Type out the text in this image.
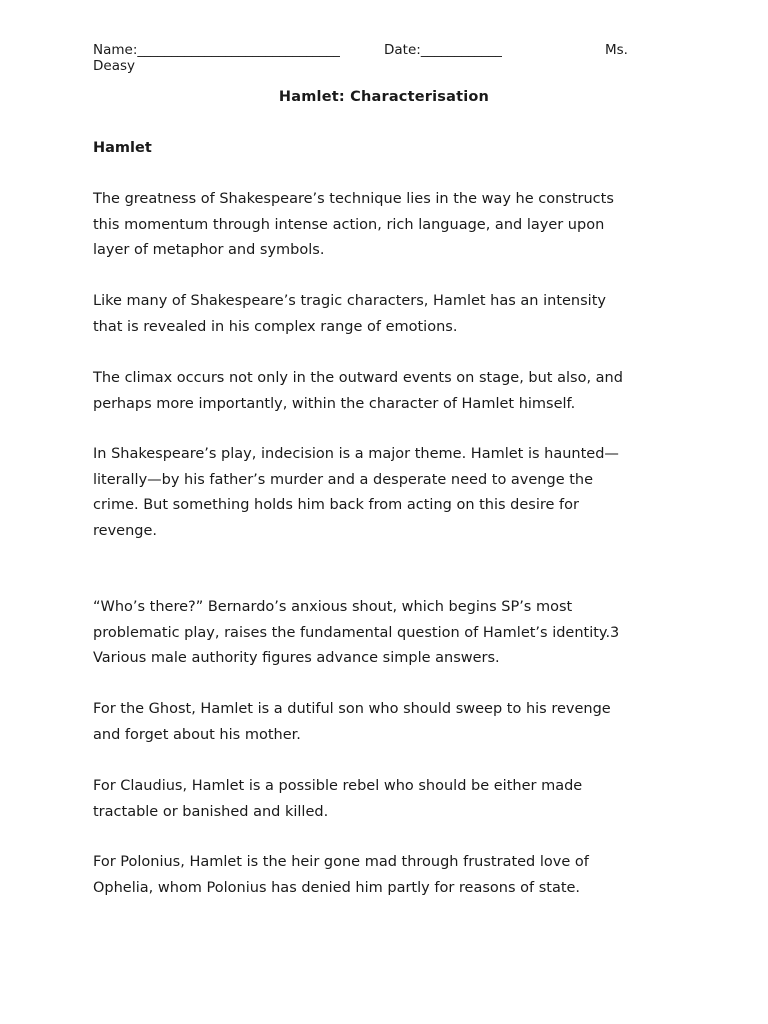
Name:______________________________	Date:____________	Ms.
Deasy
Hamlet: Characterisation
Hamlet

The greatness of Shakespeare’s technique lies in the way he constructs
this momentum through intense action, rich language, and layer upon
layer of metaphor and symbols.

Like many of Shakespeare’s tragic characters, Hamlet has an intensity
that is revealed in his complex range of emotions.

The climax occurs not only in the outward events on stage, but also, and
perhaps more importantly, within the character of Hamlet himself.

In Shakespeare’s play, indecision is a major theme. Hamlet is haunted—
literally—by his father’s murder and a desperate need to avenge the
crime. But something holds him back from acting on this desire for
revenge.

“Who’s there?” Bernardo’s anxious shout, which begins SP’s most
problematic play, raises the fundamental question of Hamlet’s identity.3
Various male authority figures advance simple answers.

For the Ghost, Hamlet is a dutiful son who should sweep to his revenge
and forget about his mother.

For Claudius, Hamlet is a possible rebel who should be either made
tractable or banished and killed.

For Polonius, Hamlet is the heir gone mad through frustrated love of
Ophelia, whom Polonius has denied him partly for reasons of state.
